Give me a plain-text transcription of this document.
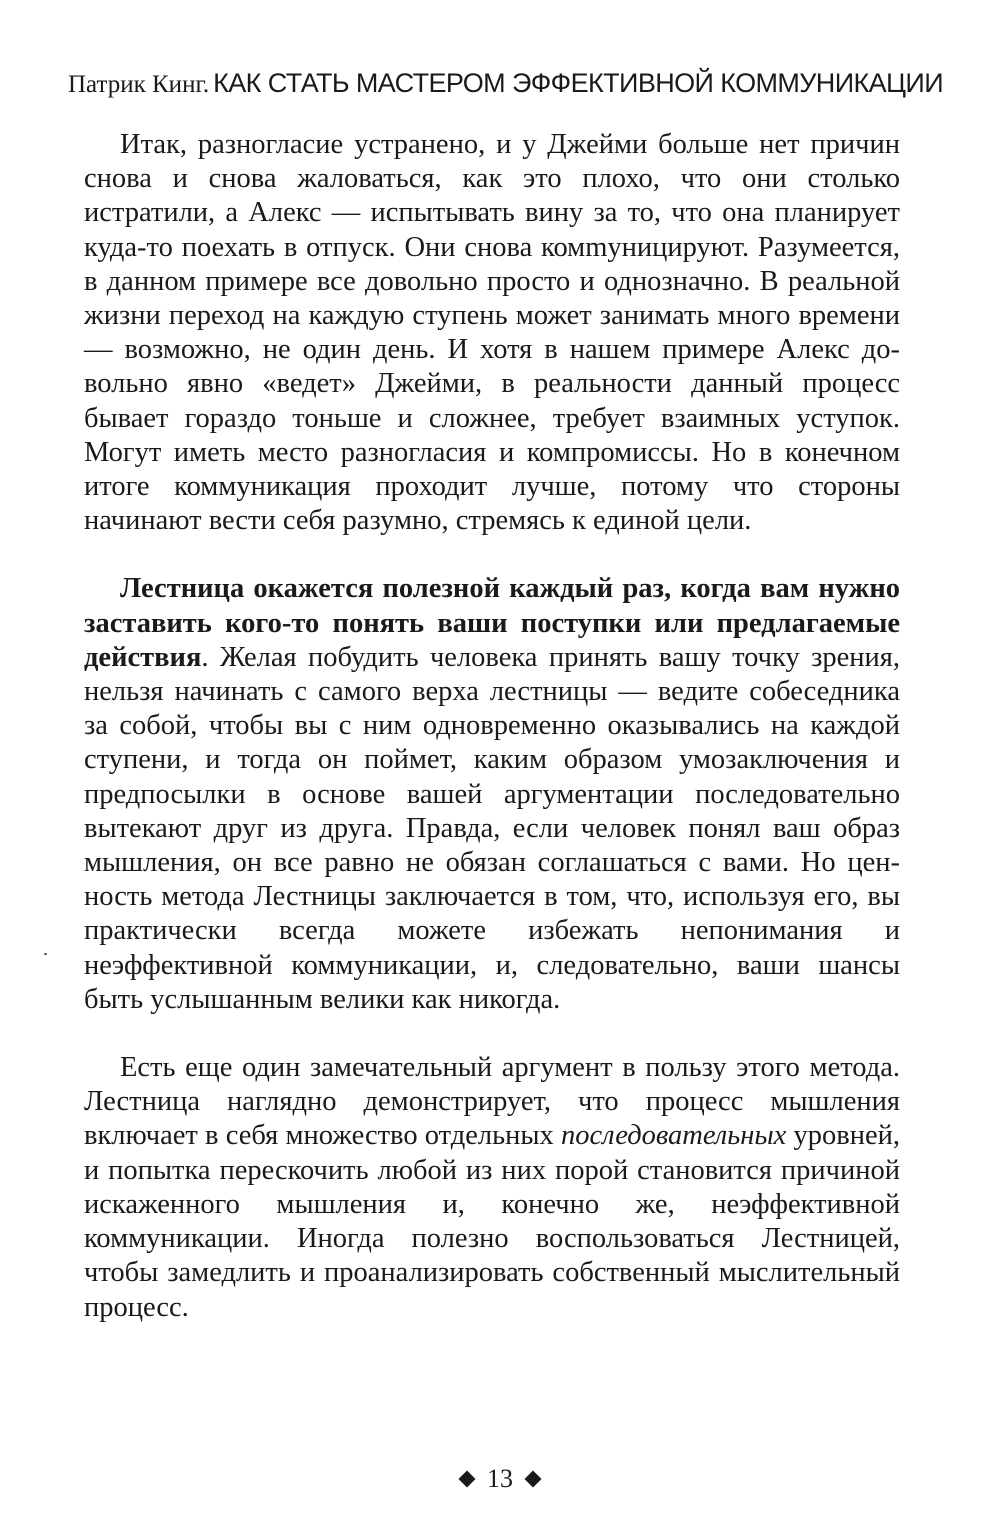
Патрик Кинг. КАК СТАТЬ МАСТЕРОМ ЭФФЕКТИВНОЙ КОММУНИКАЦИИ

Итак, разногласие устранено, и у Джейми больше нет причин снова и снова жаловаться, как это плохо, что они столько истратили, а Алекс — испытывать вину за то, что она планирует куда-то поехать в отпуск. Они снова комmуницируют. Разумеется, в данном примере все довольно просто и однозначно. В реальной жизни переход на каждую ступень может занимать много времени — возможно, не один день. И хотя в нашем примере Алекс довольно явно «ведет» Джейми, в реальности данный процесс бывает гораздо тоньше и сложнее, требует взаимных уступок. Могут иметь место разногласия и компромиссы. Но в конечном итоге коммуникация проходит лучше, потому что стороны начинают вести себя разумно, стремясь к единой цели.

Лестница окажется полезной каждый раз, когда вам нужно заставить кого-то понять ваши поступки или предлагаемые действия. Желая побудить человека принять вашу точку зрения, нельзя начинать с самого верха лестницы — ведите собеседника за собой, чтобы вы с ним одновременно оказывались на каждой ступени, и тогда он поймет, каким образом умозаключения и предпосылки в основе вашей аргументации последовательно вытекают друг из друга. Правда, если человек понял ваш образ мышления, он все равно не обязан соглашаться с вами. Но ценность метода Лестницы заключается в том, что, используя его, вы практически всегда можете избежать непонимания и неэффективной коммуникации, и, следовательно, ваши шансы быть услышанным велики как никогда.

Есть еще один замечательный аргумент в пользу этого метода. Лестница наглядно демонстрирует, что процесс мышления включает в себя множество отдельных последовательных уровней, и попытка перескочить любой из них порой становится причиной искаженного мышления и, конечно же, неэффективной коммуникации. Иногда полезно воспользоваться Лестницей, чтобы замедлить и проанализировать собственный мыслительный процесс.

13
